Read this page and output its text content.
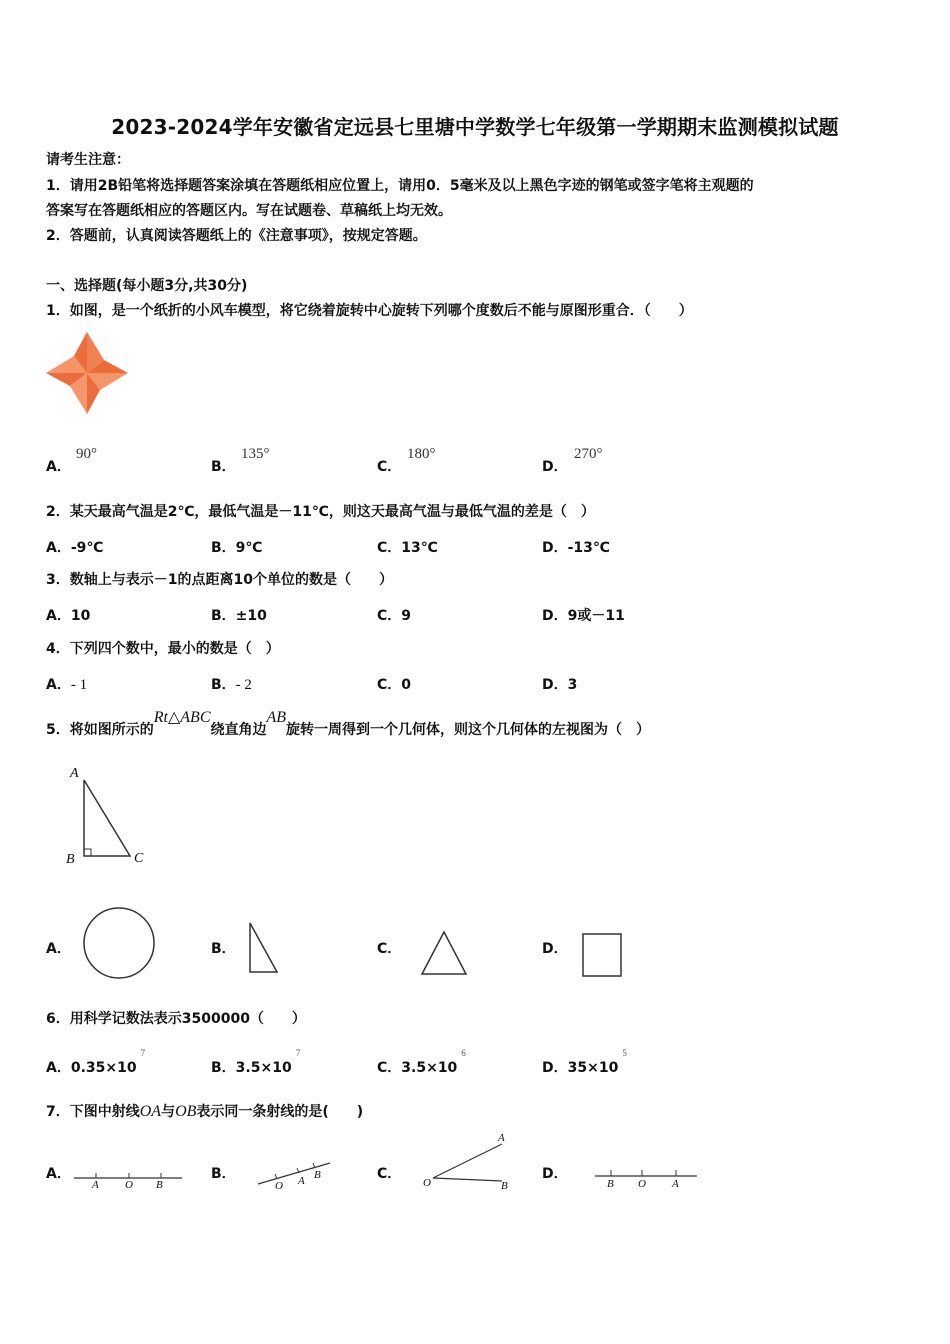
2023-2024学年安徽省定远县七里塘中学数学七年级第一学期期末监测模拟试题
请考生注意：
1．请用2B铅笔将选择题答案涂填在答题纸相应位置上，请用0．5毫米及以上黑色字迹的钢笔或签字笔将主观题的
答案写在答题纸相应的答题区内。写在试题卷、草稿纸上均无效。
2．答题前，认真阅读答题纸上的《注意事项》，按规定答题。
一、选择题(每小题3分,共30分)
1．如图，是一个纸折的小风车模型，将它绕着旋转中心旋转下列哪个度数后不能与原图形重合．（　　）
A．
90°
B．
135°
C．
180°
D．
270°
2．某天最高气温是2℃，最低气温是－11℃，则这天最高气温与最低气温的差是（　）
A．-9℃	B．9℃	C．13℃	D．-13℃
3．数轴上与表示－1的点距离10个单位的数是（　　）
A．10	B．±10	C．9	D．9或－11
4．下列四个数中，最小的数是（　）
A．- 1	B．- 2	C．0	D．3
5．将如图所示的Rt△ABC绕直角边AB旋转一周得到一个几何体，则这个几何体的左视图为（　）
A
B	C
A．	B．	C．	D．
6．用科学记数法表示3500000（　　）
A．$0.35\times 10^7$
B．$3.5\times 10^7$
C．$3.5\times 10^6$
D．$35\times 10^5$
7．下图中射线OA与OB表示同一条射线的是(　　)
A．
A O B
B．
O A B	C．
A
O	B
D．
B O A
